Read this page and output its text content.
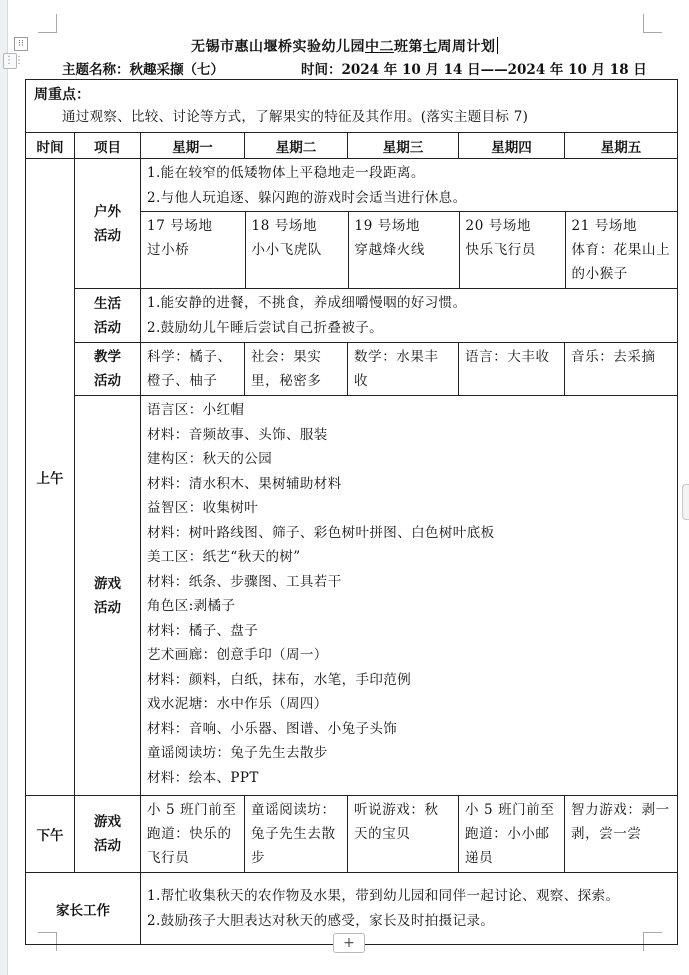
⁝⁝
⋮⋮
无锡市惠山堰桥实验幼儿园中二班第七周周计划
主题名称：秋趣采撷（七）	时间：2024 年 10 月 14 日——2024 年 10 月 18 日
周重点：
通过观察、比较、讨论等方式，了解果实的特征及其作用。(落实主题目标 7)

时间	项目	星期一	星期二	星期三	星期四	星期五
上午	
户外
活动

1.能在较窄的低矮物体上平稳地走一段距离。
2.与他人玩追逐、躲闪跑的游戏时会适当进行休息。
17 号场地
过小桥

18 号场地
小小飞虎队

19 号场地
穿越烽火线

20 号场地
快乐飞行员

21 号场地
体育：花果山上的小猴子

生活
活动

1.能安静的进餐，不挑食，养成细嚼慢咽的好习惯。
2.鼓励幼儿午睡后尝试自己折叠被子。

教学
活动
	科学：橘子、橙子、柚子	社会：果实里，秘密多	数学：水果丰收	语言：大丰收	音乐：去采摘

游戏
活动

语言区：小红帽
材料：音频故事、头饰、服装
建构区：秋天的公园
材料：清水积木、果树辅助材料
益智区：收集树叶
材料：树叶路线图、筛子、彩色树叶拼图、白色树叶底板
美工区：纸艺“秋天的树”
材料：纸条、步骤图、工具若干
角色区:剥橘子
材料：橘子、盘子
艺术画廊：创意手印（周一）
材料：颜料，白纸，抹布，水笔，手印范例
戏水泥塘：水中作乐（周四）
材料：音响、小乐器、图谱、小兔子头饰
童谣阅读坊：兔子先生去散步
材料：绘本、PPT

下午	
游戏
活动
	小 5 班门前至跑道：快乐的飞行员	童谣阅读坊：兔子先生去散步	听说游戏：秋天的宝贝	小 5 班门前至跑道：小小邮递员	智力游戏：剥一剥，尝一尝
家长工作	
1.帮忙收集秋天的农作物及水果，带到幼儿园和同伴一起讨论、观察、探索。
2.鼓励孩子大胆表达对秋天的感受，家长及时拍摄记录。
+
